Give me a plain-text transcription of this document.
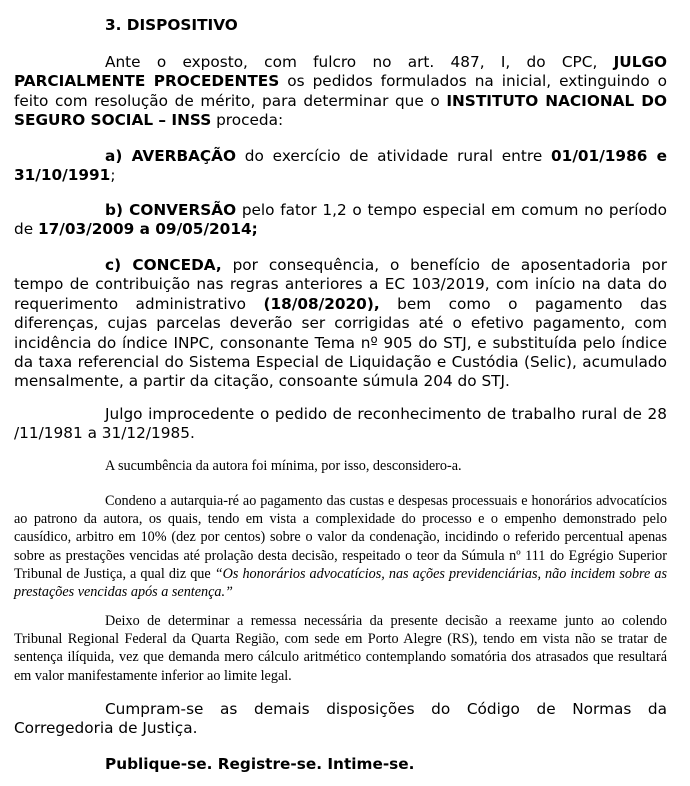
3. DISPOSITIVO

Ante o exposto, com fulcro no art. 487, I, do CPC, JULGO PARCIALMENTE PROCEDENTES os pedidos formulados na inicial, extinguindo o feito com resolução de mérito, para determinar que o INSTITUTO NACIONAL DO SEGURO SOCIAL – INSS proceda:

a) AVERBAÇÃO do exercício de atividade rural entre 01/01/1986 e 31/10/1991;

b) CONVERSÃO pelo fator 1,2 o tempo especial em comum no período de 17/03/2009 a 09/05/2014;

c) CONCEDA, por consequência, o benefício de aposentadoria por tempo de contribuição nas regras anteriores a EC 103/2019, com início na data do requerimento administrativo (18/08/2020), bem como o pagamento das diferenças, cujas parcelas deverão ser corrigidas até o efetivo pagamento, com incidência do índice INPC, consonante Tema nº 905 do STJ, e substituída pelo índice da taxa referencial do Sistema Especial de Liquidação e Custódia (Selic), acumulado mensalmente, a partir da citação, consoante súmula 204 do STJ.

Julgo improcedente o pedido de reconhecimento de trabalho rural de 28 /11/1981 a 31/12/1985.

A sucumbência da autora foi mínima, por isso, desconsidero-a.

Condeno a autarquia-ré ao pagamento das custas e despesas processuais e honorários advocatícios ao patrono da autora, os quais, tendo em vista a complexidade do processo e o empenho demonstrado pelo causídico, arbitro em 10% (dez por centos) sobre o valor da condenação, incidindo o referido percentual apenas sobre as prestações vencidas até prolação desta decisão, respeitado o teor da Súmula nº 111 do Egrégio Superior Tribunal de Justiça, a qual diz que “Os honorários advocatícios, nas ações previdenciárias, não incidem sobre as prestações vencidas após a sentença.”

Deixo de determinar a remessa necessária da presente decisão a reexame junto ao colendo Tribunal Regional Federal da Quarta Região, com sede em Porto Alegre (RS), tendo em vista não se tratar de sentença ilíquida, vez que demanda mero cálculo aritmético contemplando somatória dos atrasados que resultará em valor manifestamente inferior ao limite legal.

Cumpram-se as demais disposições do Código de Normas da Corregedoria de Justiça.

Publique-se. Registre-se. Intime-se.
